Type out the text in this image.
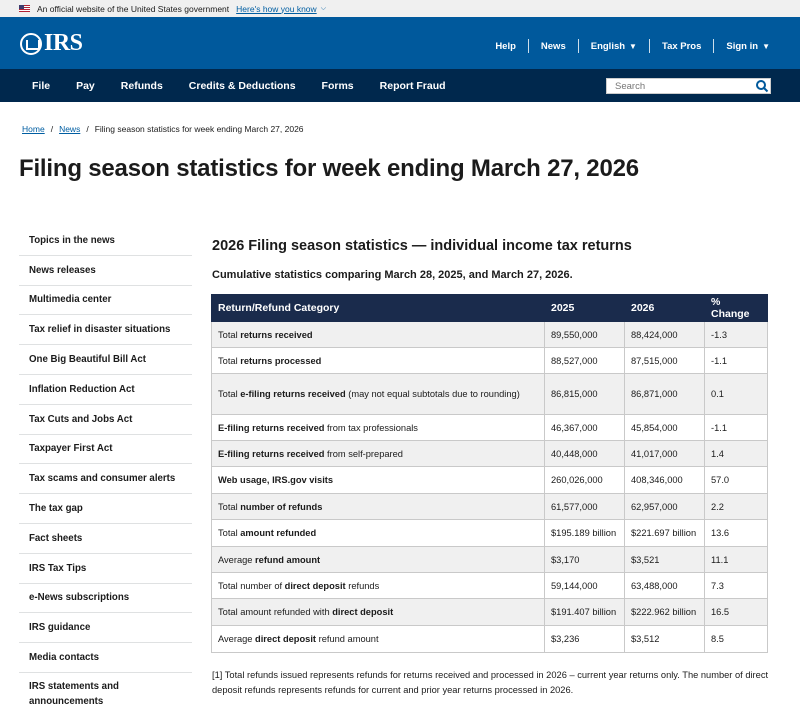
An official website of the United States government Here's how you know ⌵
IRS	Help	News	English ▼	Tax Pros	Sign in ▼
File Pay Refunds Credits & Deductions Forms Report Fraud
Search
Home / News / Filing season statistics for week ending March 27, 2026
Filing season statistics for week ending March 27, 2026
Topics in the news
News releases
Multimedia center
Tax relief in disaster situations
One Big Beautiful Bill Act
Inflation Reduction Act
Tax Cuts and Jobs Act
Taxpayer First Act
Tax scams and consumer alerts
The tax gap
Fact sheets
IRS Tax Tips
e-News subscriptions
IRS guidance
Media contacts
IRS statements and announcements
2026 Filing season statistics — individual income tax returns
Cumulative statistics comparing March 28, 2025, and March 27, 2026.
Return/Refund Category	2025	2026	% Change
Total returns received	89,550,000	88,424,000	-1.3
Total returns processed	88,527,000	87,515,000	-1.1
Total e-filing returns received (may not equal subtotals due to rounding)	86,815,000	86,871,000	0.1
E-filing returns received from tax professionals	46,367,000	45,854,000	-1.1
E-filing returns received from self-prepared	40,448,000	41,017,000	1.4
Web usage, IRS.gov visits	260,026,000	408,346,000	57.0
Total number of refunds	61,577,000	62,957,000	2.2
Total amount refunded	$195.189 billion	$221.697 billion	13.6
Average refund amount	$3,170	$3,521	11.1
Total number of direct deposit refunds	59,144,000	63,488,000	7.3
Total amount refunded with direct deposit	$191.407 billion	$222.962 billion	16.5
Average direct deposit refund amount	$3,236	$3,512	8.5
[1] Total refunds issued represents refunds for returns received and processed in 2026 – current year returns only. The number of direct deposit refunds represents refunds for current and prior year returns processed in 2026.
